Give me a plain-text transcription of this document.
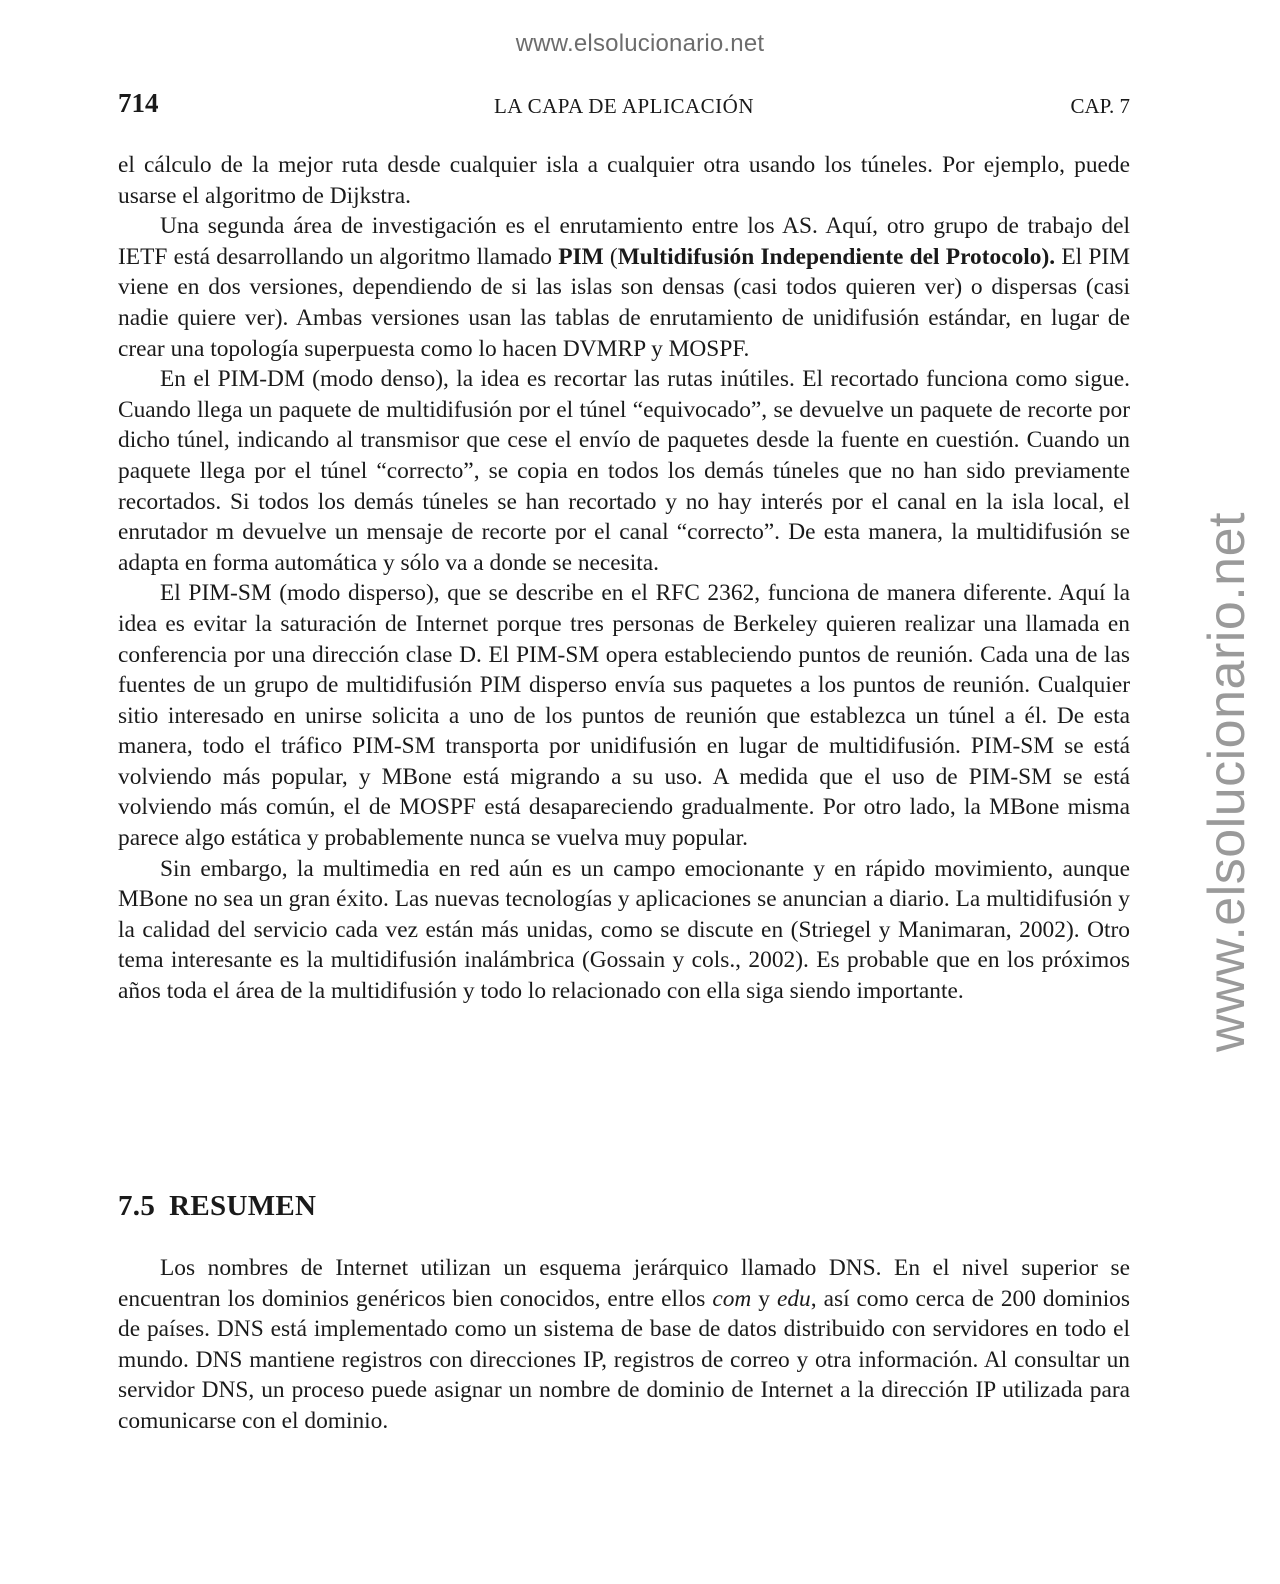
www.elsolucionario.net
www.elsolucionario.net
714	LA CAPA DE APLICACIÓN	CAP. 7

el cálculo de la mejor ruta desde cualquier isla a cualquier otra usando los túneles. Por ejemplo, puede usarse el algoritmo de Dijkstra.

Una segunda área de investigación es el enrutamiento entre los AS. Aquí, otro grupo de trabajo del IETF está desarrollando un algoritmo llamado PIM (Multidifusión Independiente del Protocolo). El PIM viene en dos versiones, dependiendo de si las islas son densas (casi todos quieren ver) o dispersas (casi nadie quiere ver). Ambas versiones usan las tablas de enrutamiento de unidifusión estándar, en lugar de crear una topología superpuesta como lo hacen DVMRP y MOSPF.

En el PIM-DM (modo denso), la idea es recortar las rutas inútiles. El recortado funciona como sigue. Cuando llega un paquete de multidifusión por el túnel “equivocado”, se devuelve un paquete de recorte por dicho túnel, indicando al transmisor que cese el envío de paquetes desde la fuente en cuestión. Cuando un paquete llega por el túnel “correcto”, se copia en todos los demás túneles que no han sido previamente recortados. Si todos los demás túneles se han recortado y no hay interés por el canal en la isla local, el enrutador m devuelve un mensaje de recorte por el canal “correcto”. De esta manera, la multidifusión se adapta en forma automática y sólo va a donde se necesita.

El PIM-SM (modo disperso), que se describe en el RFC 2362, funciona de manera diferente. Aquí la idea es evitar la saturación de Internet porque tres personas de Berkeley quieren realizar una llamada en conferencia por una dirección clase D. El PIM-SM opera estableciendo puntos de reunión. Cada una de las fuentes de un grupo de multidifusión PIM disperso envía sus paquetes a los puntos de reunión. Cualquier sitio interesado en unirse solicita a uno de los puntos de reunión que establezca un túnel a él. De esta manera, todo el tráfico PIM-SM transporta por unidifusión en lugar de multidifusión. PIM-SM se está volviendo más popular, y MBone está migrando a su uso. A medida que el uso de PIM-SM se está volviendo más común, el de MOSPF está desapareciendo gradualmente. Por otro lado, la MBone misma parece algo estática y probablemente nunca se vuelva muy popular.

Sin embargo, la multimedia en red aún es un campo emocionante y en rápido movimiento, aunque MBone no sea un gran éxito. Las nuevas tecnologías y aplicaciones se anuncian a diario. La multidifusión y la calidad del servicio cada vez están más unidas, como se discute en (Striegel y Manimaran, 2002). Otro tema interesante es la multidifusión inalámbrica (Gossain y cols., 2002). Es probable que en los próximos años toda el área de la multidifusión y todo lo relacionado con ella siga siendo importante.

7.5 RESUMEN

Los nombres de Internet utilizan un esquema jerárquico llamado DNS. En el nivel superior se encuentran los dominios genéricos bien conocidos, entre ellos com y edu, así como cerca de 200 dominios de países. DNS está implementado como un sistema de base de datos distribuido con servidores en todo el mundo. DNS mantiene registros con direcciones IP, registros de correo y otra información. Al consultar un servidor DNS, un proceso puede asignar un nombre de dominio de Internet a la dirección IP utilizada para comunicarse con el dominio.
